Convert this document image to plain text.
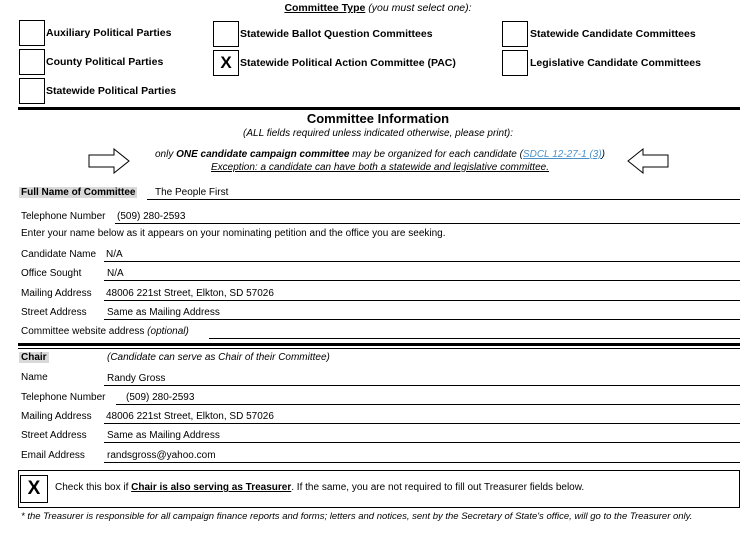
Committee Type (you must select one):
Auxiliary Political Parties	Statewide Ballot Question Committees	Statewide Candidate Committees
County Political Parties	X Statewide Political Action Committee (PAC)	Legislative Candidate Committees
Statewide Political Parties
Committee Information
(ALL fields required unless indicated otherwise, please print):
only ONE candidate campaign committee may be organized for each candidate (SDCL 12-27-1 (3))
Exception: a candidate can have both a statewide and legislative committee.
Full Name of Committee The People First
Telephone Number (509) 280-2593
Enter your name below as it appears on your nominating petition and the office you are seeking.
Candidate Name N/A
Office Sought	N/A
Mailing Address 48006 221st Street, Elkton, SD 57026
Street Address Same as Mailing Address
Committee website address (optional)
Chair	(Candidate can serve as Chair of their Committee)
Name	Randy Gross
Telephone Number (509) 280-2593
Mailing Address 48006 221st Street, Elkton, SD 57026
Street Address Same as Mailing Address
Email Address randsgross@yahoo.com
X	Check this box if Chair is also serving as Treasurer. If the same, you are not required to fill out Treasurer fields below.
* the Treasurer is responsible for all campaign finance reports and forms; letters and notices, sent by the Secretary of State's office, will go to the Treasurer only.
